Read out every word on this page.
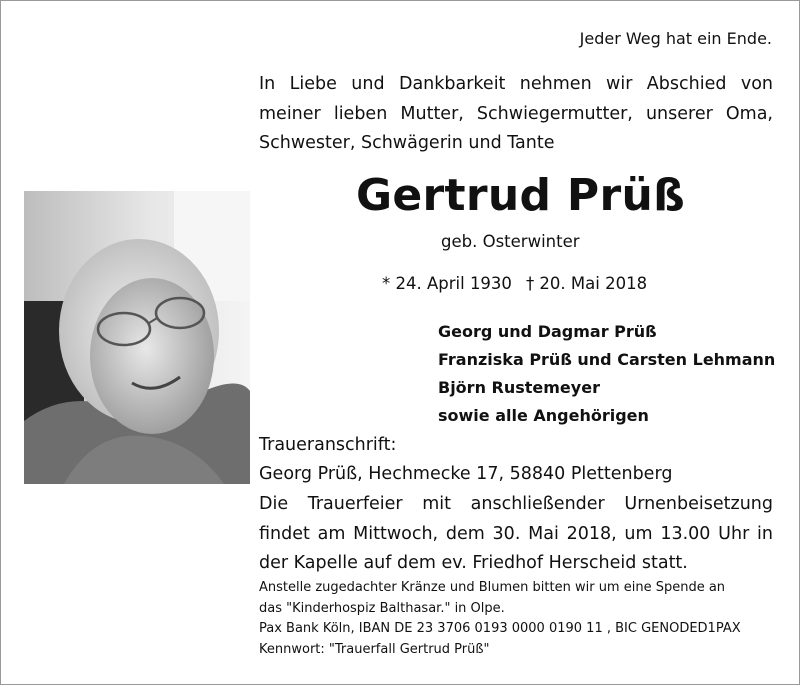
Jeder Weg hat ein Ende.
In Liebe und Dankbarkeit nehmen wir Abschied von
meiner lieben Mutter, Schwiegermutter, unserer Oma,
Schwester, Schwägerin und Tante
Gertrud Prüß
geb. Osterwinter
* 24. April 1930 † 20. Mai 2018
Georg und Dagmar Prüß
Franziska Prüß und Carsten Lehmann
Björn Rustemeyer
sowie alle Angehörigen
Traueranschrift:
Georg Prüß, Hechmecke 17, 58840 Plettenberg
Die Trauerfeier mit anschließender Urnenbeisetzung
findet am Mittwoch, dem 30. Mai 2018, um 13.00 Uhr in
der Kapelle auf dem ev. Friedhof Herscheid statt.
Anstelle zugedachter Kränze und Blumen bitten wir um eine Spende an
das "Kinderhospiz Balthasar." in Olpe.
Pax Bank Köln, IBAN DE 23 3706 0193 0000 0190 11 , BIC GENODED1PAX
Kennwort: "Trauerfall Gertrud Prüß"
